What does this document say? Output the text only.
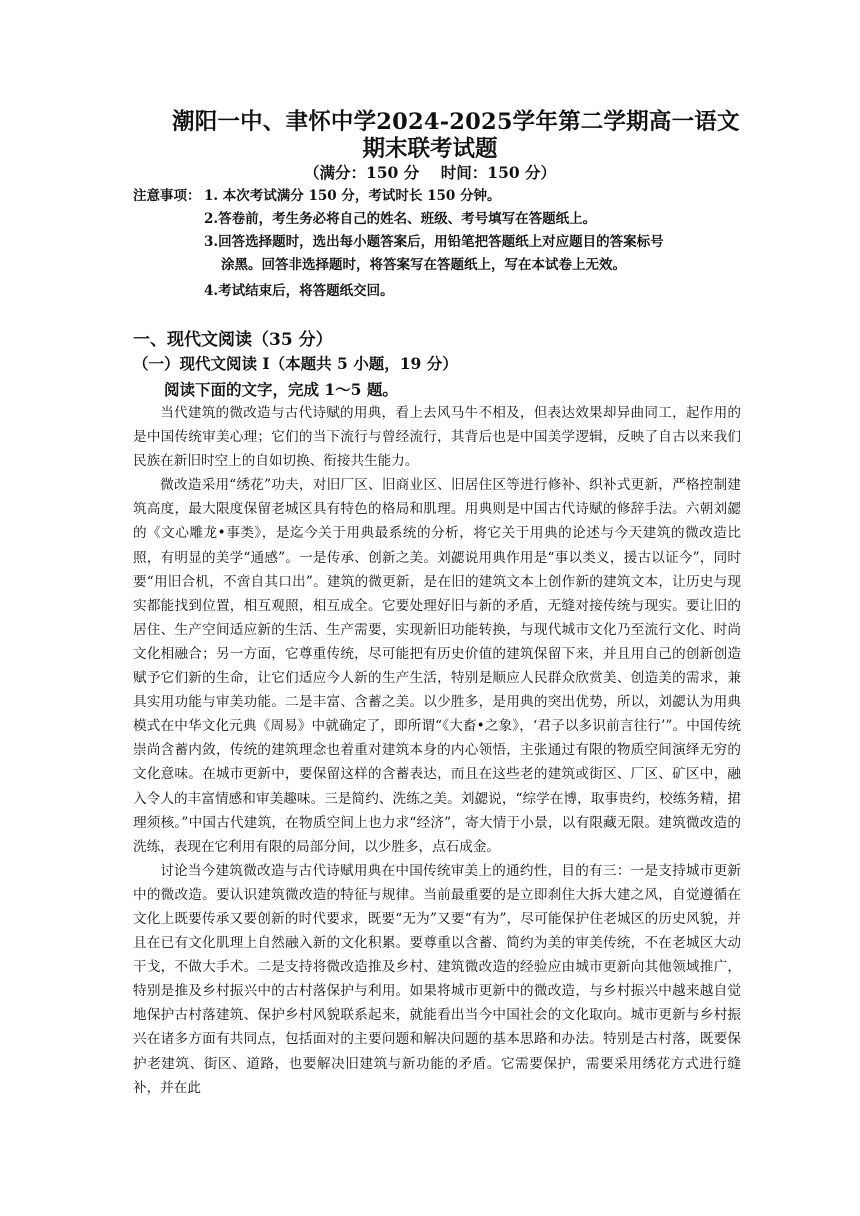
潮阳一中、聿怀中学2024-2025学年第二学期高一语文
期末联考试题
（满分：150 分    时间：150 分）
注意事项： 1. 本次考试满分 150 分，考试时长 150 分钟。
2.答卷前，考生务必将自己的姓名、班级、考号填写在答题纸上。
3.回答选择题时，选出每小题答案后，用铅笔把答题纸上对应题目的答案标号
涂黑。回答非选择题时，将答案写在答题纸上，写在本试卷上无效。
4.考试结束后，将答题纸交回。
一、现代文阅读（35 分）
（一）现代文阅读 I（本题共 5 小题，19 分）
阅读下面的文字，完成 1～5 题。

当代建筑的微改造与古代诗赋的用典，看上去风马牛不相及，但表达效果却异曲同工，起作用的是中国传统审美心理；它们的当下流行与曾经流行，其背后也是中国美学逻辑，反映了自古以来我们民族在新旧时空上的自如切换、衔接共生能力。

微改造采用“绣花”功夫，对旧厂区、旧商业区、旧居住区等进行修补、织补式更新，严格控制建筑高度，最大限度保留老城区具有特色的格局和肌理。用典则是中国古代诗赋的修辞手法。六朝刘勰的《文心雕龙•事类》，是迄今关于用典最系统的分析，将它关于用典的论述与今天建筑的微改造比照，有明显的美学“通感”。一是传承、创新之美。刘勰说用典作用是“事以类义，援古以证今”，同时要“用旧合机，不啻自其口出”。建筑的微更新，是在旧的建筑文本上创作新的建筑文本，让历史与现实都能找到位置，相互观照，相互成全。它要处理好旧与新的矛盾，无缝对接传统与现实。要让旧的居住、生产空间适应新的生活、生产需要，实现新旧功能转换，与现代城市文化乃至流行文化、时尚文化相融合；另一方面，它尊重传统，尽可能把有历史价值的建筑保留下来，并且用自己的创新创造赋予它们新的生命，让它们适应今人新的生产生活，特别是顺应人民群众欣赏美、创造美的需求，兼具实用功能与审美功能。二是丰富、含蓄之美。以少胜多，是用典的突出优势，所以，刘勰认为用典模式在中华文化元典《周易》中就确定了，即所谓“《大畜•之象》，‘君子以多识前言往行’”。中国传统崇尚含蓄内敛，传统的建筑理念也着重对建筑本身的内心领悟，主张通过有限的物质空间演绎无穷的文化意味。在城市更新中，要保留这样的含蓄表达，而且在这些老的建筑或街区、厂区、矿区中，融入令人的丰富情感和审美趣味。三是简约、洗练之美。刘勰说，“综学在博，取事贵约，校练务精，捃理须核。”中国古代建筑，在物质空间上也力求“经济”，寄大情于小景，以有限藏无限。建筑微改造的洗练，表现在它利用有限的局部分间，以少胜多，点石成金。

讨论当今建筑微改造与古代诗赋用典在中国传统审美上的通约性，目的有三：一是支持城市更新中的微改造。要认识建筑微改造的特征与规律。当前最重要的是立即刹住大拆大建之风，自觉遵循在文化上既要传承又要创新的时代要求，既要“无为”又要“有为”，尽可能保护住老城区的历史风貌，并且在已有文化肌理上自然融入新的文化积累。要尊重以含蓄、简约为美的审美传统，不在老城区大动干戈，不做大手术。二是支持将微改造推及乡村、建筑微改造的经验应由城市更新向其他领域推广，特别是推及乡村振兴中的古村落保护与利用。如果将城市更新中的微改造，与乡村振兴中越来越自觉地保护古村落建筑、保护乡村风貌联系起来，就能看出当今中国社会的文化取向。城市更新与乡村振兴在诸多方面有共同点，包括面对的主要问题和解决问题的基本思路和办法。特别是古村落，既要保护老建筑、街区、道路，也要解决旧建筑与新功能的矛盾。它需要保护，需要采用绣花方式进行缝补，并在此
